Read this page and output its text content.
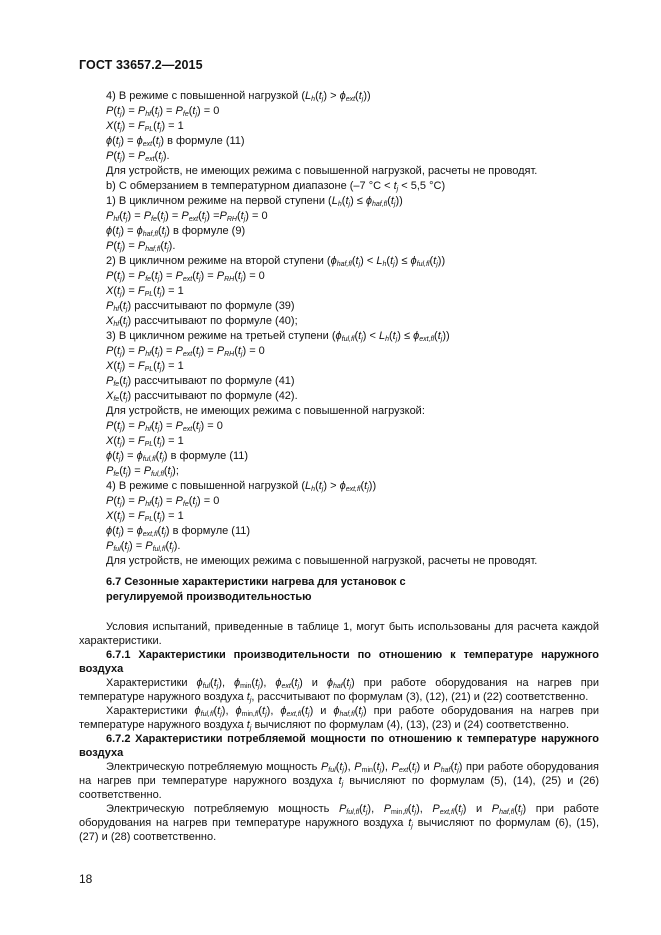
ГОСТ 33657.2—2015
4) В режиме с повышенной нагрузкой $(L_h(t_j) > \phi_{ext}(t_j))$
$P(t_j) = P_{hf}(t_j) = P_{fe}(t_j) = 0$
$X(t_j) = F_{PL}(t_j) = 1$
$\phi(t_j) = \phi_{ext}(t_j)$ в формуле (11)
$P(t_j) = P_{ext}(t_j)$.
Для устройств, не имеющих режима с повышенной нагрузкой, расчеты не проводят.
b) С обмерзанием в температурном диапазоне (–7 $^\circ С < t_j < 5,5$ °С)
1) В цикличном режиме на первой ступени $(L_h(t_j) \le \phi_{haf,fl}(t_j))$
$P_{hf}(t_j) = P_{fe}(t_j) = P_{ext}(t_j) =P_{RH}(t_j) = 0$
$\phi(t_j) = \phi_{haf,fl}(t_j)$ в формуле (9)
$P(t_j) = P_{haf,fl}(t_j)$.
2) В цикличном режиме на второй ступени $(\phi_{haf,fl}(t_j) < L_h(t_j) \le \phi_{ful,fl}(t_j))$
$P(t_j) = P_{fe}(t_j) = P_{ext}(t_j) = P_{RH}(t_j) = 0$
$X(t_j) = F_{PL}(t_j) = 1$
$P_{hf}(t_j)$ рассчитывают по формуле (39)
$X_{hf}(t_j)$ рассчитывают по формуле (40);
3) В цикличном режиме на третьей ступени $(\phi_{ful,fl}(t_j) < L_h(t_j) \le \phi_{ext,fl}(t_j))$
$P(t_j) = P_{hf}(t_j) = P_{ext}(t_j) = P_{RH}(t_j) = 0$
$X(t_j) = F_{PL}(t_j) = 1$
$P_{fe}(t_j)$ рассчитывают по формуле (41)
$X_{fe}(t_j)$ рассчитывают по формуле (42).
Для устройств, не имеющих режима с повышенной нагрузкой:
$P(t_j) = P_{hf}(t_j) = P_{ext}(t_j) = 0$
$X(t_j) = F_{PL}(t_j) = 1$
$\phi(t_j) = \phi_{ful,fl}(t_j)$ в формуле (11)
$P_{fe}(t_j) = P_{ful,fl}(t_j)$;
4) В режиме с повышенной нагрузкой $(L_h(t_j) > \phi_{ext,fl}(t_j))$
$P(t_j) = P_{hf}(t_j) = P_{fe}(t_j) = 0$
$X(t_j) = F_{PL}(t_j) = 1$
$\phi(t_j) = \phi_{ext,fl}(t_j)$ в формуле (11)
$P_{ful}(t_j) = P_{ful,fl}(t_j)$.
Для устройств, не имеющих режима с повышенной нагрузкой, расчеты не проводят.
6.7 Сезонные характеристики нагрева для установок с регулируемой производительностью
Условия испытаний, приведенные в таблице 1, могут быть использованы для расчета каждой характеристики.
6.7.1 Характеристики производительности по отношению к температуре наружного воздуха
Характеристики $\phi_{ful}(t_j)$, $\phi_{min}(t_j)$, $\phi_{ext}(t_j)$ и $\phi_{haf}(t_j)$ при работе оборудования на нагрев при температуре наружного воздуха $t_j$, рассчитывают по формулам (3), (12), (21) и (22) соответственно.
Характеристики $\phi_{ful,fl}(t_j)$, $\phi_{min,fl}(t_j)$, $\phi_{ext,fl}(t_j)$ и $\phi_{haf,fl}(t_j)$ при работе оборудования на нагрев при температуре наружного воздуха $t_j$ вычисляют по формулам (4), (13), (23) и (24) соответственно.
6.7.2 Характеристики потребляемой мощности по отношению к температуре наружного воздуха
Электрическую потребляемую мощность $P_{ful}(t_j)$, $P_{min}(t_j)$, $P_{ext}(t_j)$ и $P_{haf}(t_j)$ при работе оборудования на нагрев при температуре наружного воздуха $t_j$ вычисляют по формулам (5), (14), (25) и (26) соответственно.
Электрическую потребляемую мощность $P_{ful,fl}(t_j)$, $P_{min,fl}(t_j)$, $P_{ext,fl}(t_j)$ и $P_{haf,fl}(t_j)$ при работе оборудования на нагрев при температуре наружного воздуха $t_j$ вычисляют по формулам (6), (15), (27) и (28) соответственно.
18
